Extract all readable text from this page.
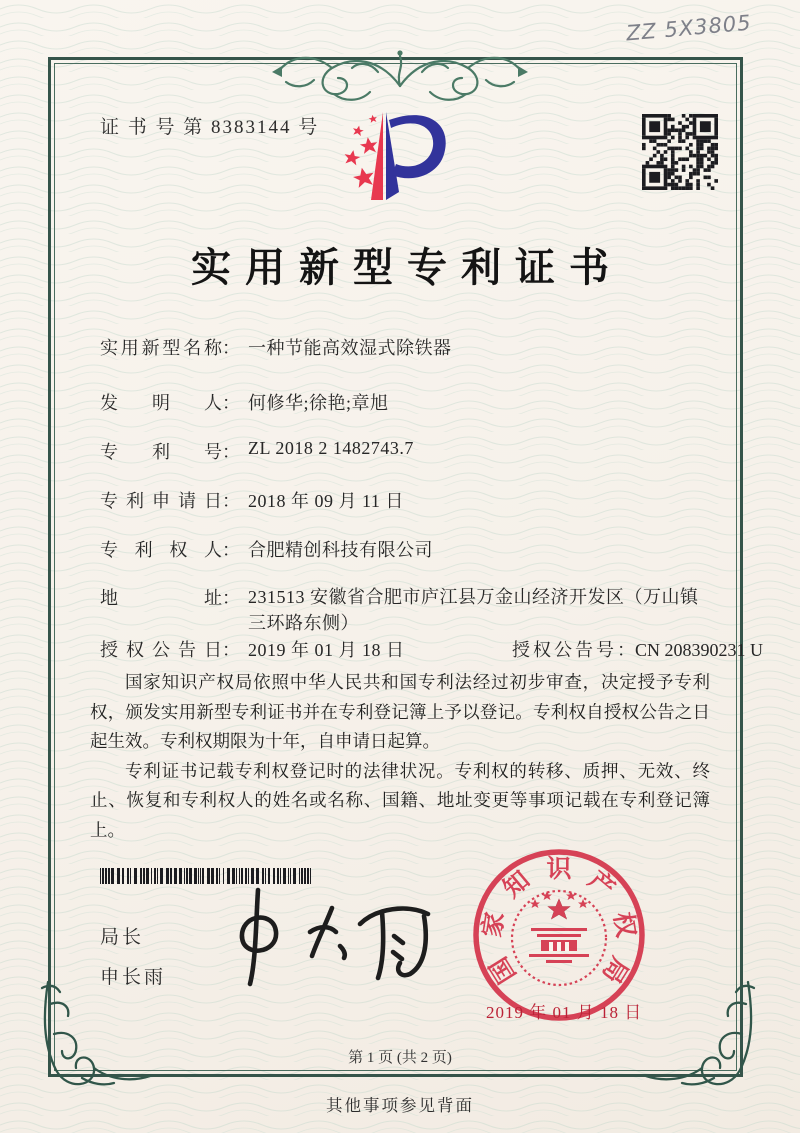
ZZ 5X3805
证 书 号 第 8383144 号
实用新型专利证书
实用新型名称： 一种节能高效湿式除铁器
发明人： 何修华;徐艳;章旭
专利号： ZL 2018 2 1482743.7
专利申请日： 2018 年 09 月 11 日
专利权人： 合肥精创科技有限公司
地址： 231513 安徽省合肥市庐江县万金山经济开发区（万山镇三环路东侧）
授权公告日： 2019 年 01 月 18 日	授权公告号：CN 208390231 U

国家知识产权局依照中华人民共和国专利法经过初步审查，决定授予专利权，颁发实用新型专利证书并在专利登记簿上予以登记。专利权自授权公告之日起生效。专利权期限为十年，自申请日起算。

专利证书记载专利权登记时的法律状况。专利权的转移、质押、无效、终止、恢复和专利权人的姓名或名称、国籍、地址变更等事项记载在专利登记簿上。

局长
申长雨	国
家
知 识 产
权
局
2019 年 01 月 18 日
第 1 页 (共 2 页)
其他事项参见背面
